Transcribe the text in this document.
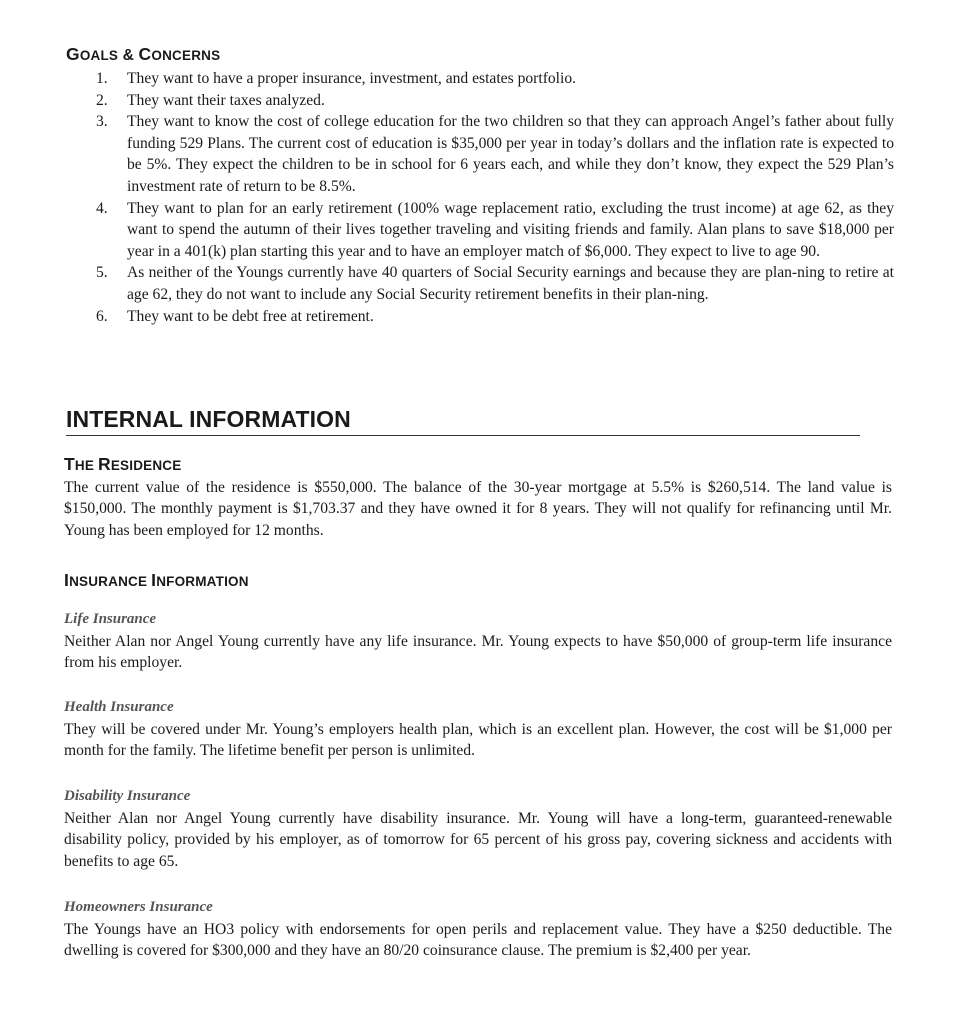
GOALS & CONCERNS
1. They want to have a proper insurance, investment, and estates portfolio.
2. They want their taxes analyzed.
3. They want to know the cost of college education for the two children so that they can approach Angel’s father about fully funding 529 Plans. The current cost of education is $35,000 per year in today’s dollars and the inflation rate is expected to be 5%. They expect the children to be in school for 6 years each, and while they don’t know, they expect the 529 Plan’s investment rate of return to be 8.5%.
4. They want to plan for an early retirement (100% wage replacement ratio, excluding the trust income) at age 62, as they want to spend the autumn of their lives together traveling and visiting friends and family. Alan plans to save $18,000 per year in a 401(k) plan starting this year and to have an employer match of $6,000. They expect to live to age 90.
5. As neither of the Youngs currently have 40 quarters of Social Security earnings and because they are plan-ning to retire at age 62, they do not want to include any Social Security retirement benefits in their plan-ning.
6. They want to be debt free at retirement.
INTERNAL INFORMATION
THE RESIDENCE

The current value of the residence is $550,000. The balance of the 30-year mortgage at 5.5% is $260,514. The land value is $150,000. The monthly payment is $1,703.37 and they have owned it for 8 years. They will not qualify for refinancing until Mr. Young has been employed for 12 months.

INSURANCE INFORMATION
Life Insurance

Neither Alan nor Angel Young currently have any life insurance. Mr. Young expects to have $50,000 of group-term life insurance from his employer.

Health Insurance

They will be covered under Mr. Young’s employers health plan, which is an excellent plan. However, the cost will be $1,000 per month for the family. The lifetime benefit per person is unlimited.

Disability Insurance

Neither Alan nor Angel Young currently have disability insurance. Mr. Young will have a long-term, guaranteed-renewable disability policy, provided by his employer, as of tomorrow for 65 percent of his gross pay, covering sickness and accidents with benefits to age 65.

Homeowners Insurance

The Youngs have an HO3 policy with endorsements for open perils and replacement value. They have a $250 deductible. The dwelling is covered for $300,000 and they have an 80/20 coinsurance clause. The premium is $2,400 per year.
